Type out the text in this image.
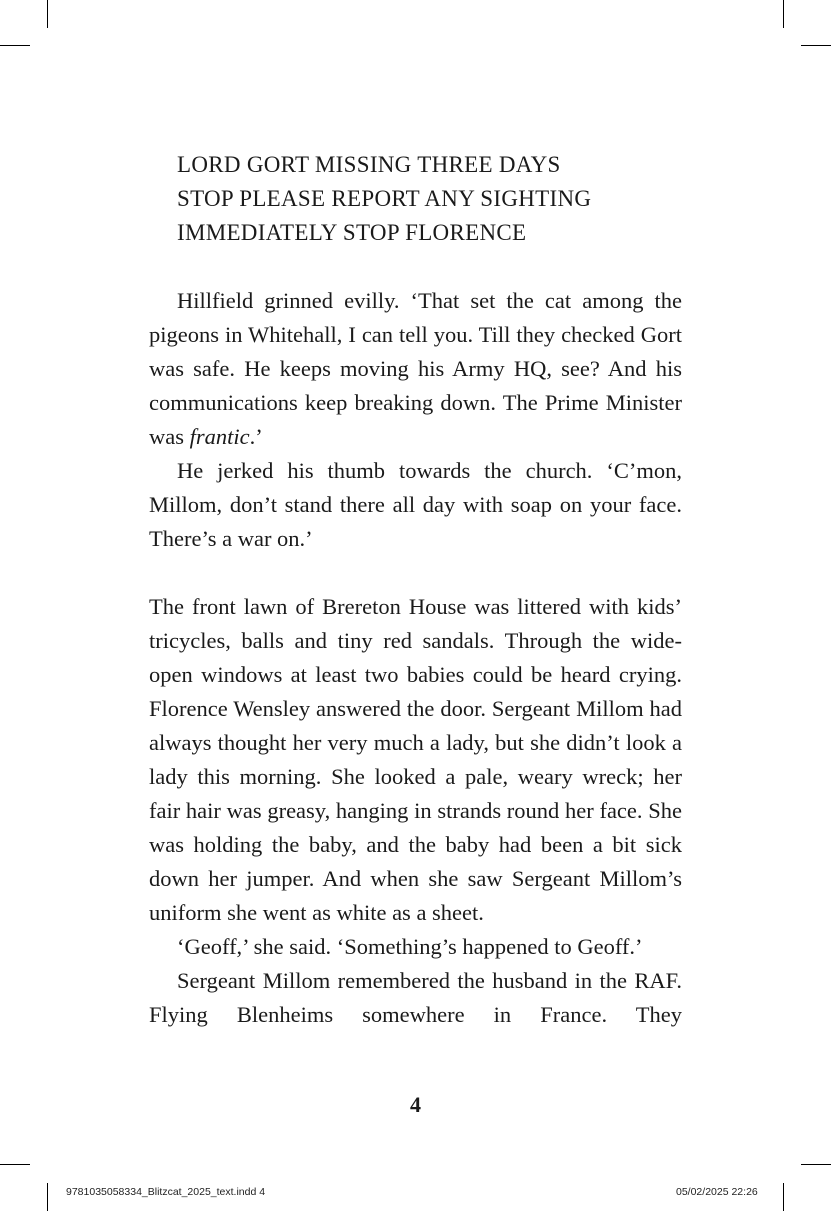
LORD GORT MISSING THREE DAYS
STOP PLEASE REPORT ANY SIGHTING
IMMEDIATELY STOP FLORENCE

Hillfield grinned evilly. ‘That set the cat among the pigeons in Whitehall, I can tell you. Till they checked Gort was safe. He keeps moving his Army HQ, see? And his communications keep breaking down. The Prime Minister was frantic.’

He jerked his thumb towards the church. ‘C’mon, Millom, don’t stand there all day with soap on your face. There’s a war on.’

The front lawn of Brereton House was littered with kids’ tricycles, balls and tiny red sandals. Through the wide-open windows at least two babies could be heard crying. Florence Wensley answered the door. Sergeant Millom had always thought her very much a lady, but she didn’t look a lady this morning. She looked a pale, weary wreck; her fair hair was greasy, hanging in strands round her face. She was holding the baby, and the baby had been a bit sick down her jumper. And when she saw Sergeant Millom’s uniform she went as white as a sheet.

‘Geoff,’ she said. ‘Something’s happened to Geoff.’

Sergeant Millom remembered the husband in the RAF. Flying Blenheims somewhere in France. They

4
9781035058334_Blitzcat_2025_text.indd 4	05/02/2025 22:26
